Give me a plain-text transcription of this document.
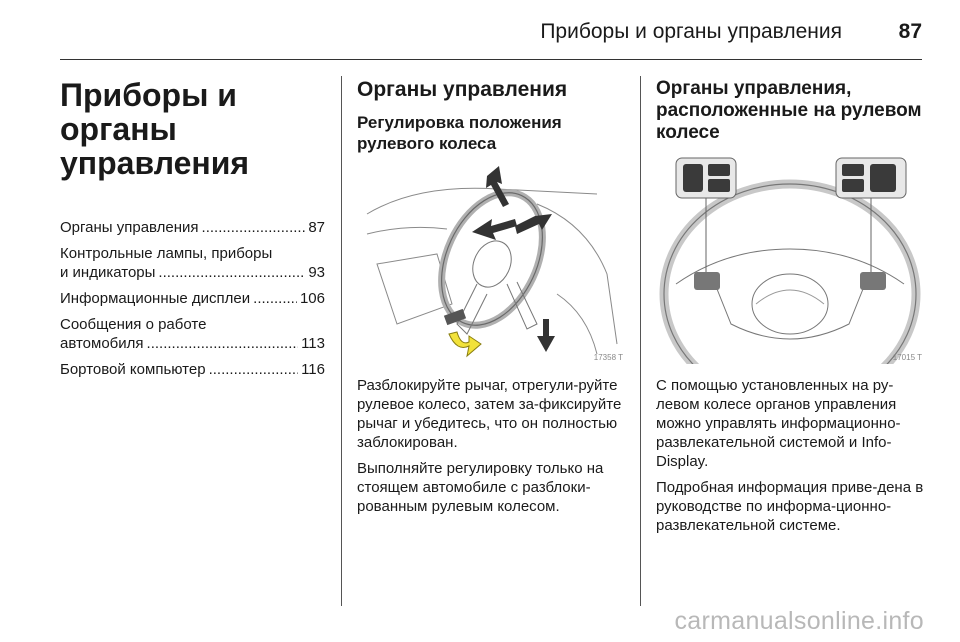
Приборы и органы управления	87
Приборы и органы управления
Органы управления .....	87
Контрольные лампы, приборы
и индикаторы .....	93
Информационные дисплеи .....	106
Сообщения о работе
автомобиля .....	113
Бортовой компьютер .....	116
Органы управления
Регулировка положения рулевого колеса
17358 T

Разблокируйте рычаг, отрегули-руйте рулевое колесо, затем за-фиксируйте рычаг и убедитесь, что он полностью заблокирован.

Выполняйте регулировку только на стоящем автомобиле с разблоки-рованным рулевым колесом.

Органы управления, расположенные на рулевом колесе
17015 T

С помощью установленных на ру-левом колесе органов управления можно управлять информационно-развлекательной системой и Info-Display.

Подробная информация приве-дена в руководстве по информа-ционно-развлекательной системе.

carmanualsonline.info
